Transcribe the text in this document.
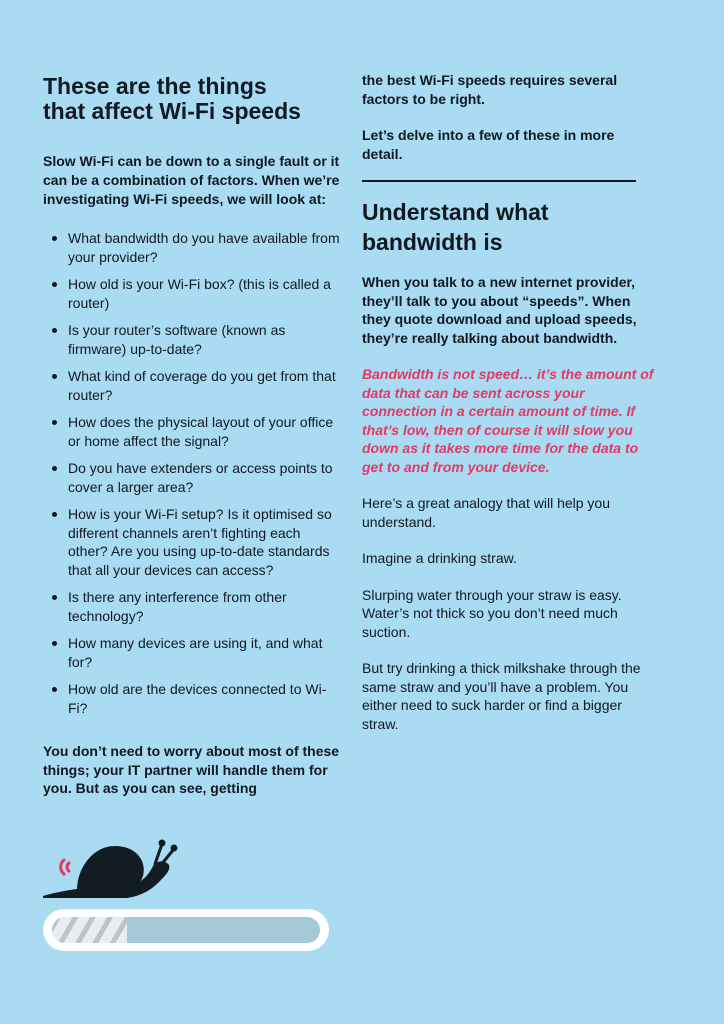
These are the things
that affect Wi-Fi speeds

Slow Wi-Fi can be down to a single fault or it can be a combination of factors. When we’re investigating Wi-Fi speeds, we will look at:

What bandwidth do you have available from your provider?
How old is your Wi-Fi box? (this is called a router)
Is your router’s software (known as firmware) up-to-date?
What kind of coverage do you get from that router?
How does the physical layout of your office or home affect the signal?
Do you have extenders or access points to cover a larger area?
How is your Wi-Fi setup? Is it optimised so different channels aren’t fighting each other? Are you using up-to-date standards that all your devices can access?
Is there any interference from other technology?
How many devices are using it, and what for?
How old are the devices connected to Wi-Fi?

You don’t need to worry about most of these things; your IT partner will handle them for you. But as you can see, getting

the best Wi-Fi speeds requires several factors to be right.

Let’s delve into a few of these in more detail.

Understand what bandwidth is

When you talk to a new internet provider, they’ll talk to you about “speeds”. When they quote download and upload speeds, they’re really talking about bandwidth.

Bandwidth is not speed… it’s the amount of data that can be sent across your connection in a certain amount of time. If that’s low, then of course it will slow you down as it takes more time for the data to get to and from your device.

Here’s a great analogy that will help you understand.

Imagine a drinking straw.

Slurping water through your straw is easy. Water’s not thick so you don’t need much suction.

But try drinking a thick milkshake through the same straw and you’ll have a problem. You either need to suck harder or find a bigger straw.
